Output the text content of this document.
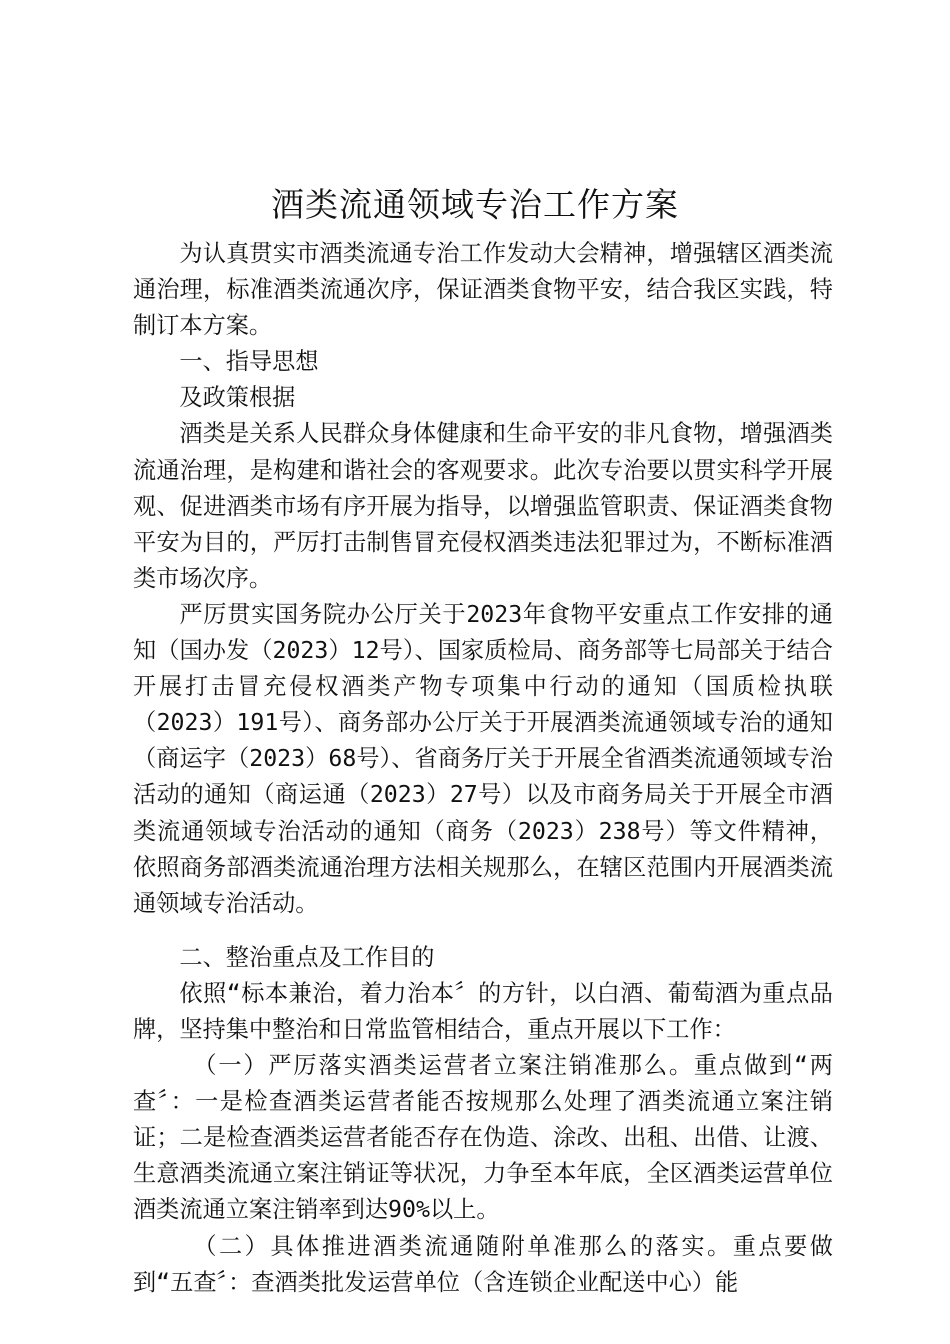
酒类流通领域专治工作方案

为认真贯实市酒类流通专治工作发动大会精神，增强辖区酒类流通治理，标准酒类流通次序，保证酒类食物平安，结合我区实践，特制订本方案。

一、指导思想

及政策根据

酒类是关系人民群众身体健康和生命平安的非凡食物，增强酒类流通治理，是构建和谐社会的客观要求。此次专治要以贯实科学开展观、促进酒类市场有序开展为指导，以增强监管职责、保证酒类食物平安为目的，严厉打击制售冒充侵权酒类违法犯罪过为，不断标准酒类市场次序。

严厉贯实国务院办公厅关于2023年食物平安重点工作安排的通知（国办发（2023）12号）、国家质检局、商务部等七局部关于结合开展打击冒充侵权酒类产物专项集中行动的通知（国质检执联（2023）191号）、商务部办公厅关于开展酒类流通领域专治的通知（商运字（2023）68号）、省商务厅关于开展全省酒类流通领域专治活动的通知（商运通（2023）27号）以及市商务局关于开展全市酒类流通领域专治活动的通知（商务（2023）238号）等文件精神，依照商务部酒类流通治理方法相关规那么，在辖区范围内开展酒类流通领域专治活动。

二、整治重点及工作目的

依照“标本兼治，着力治本〞的方针，以白酒、葡萄酒为重点品牌，坚持集中整治和日常监管相结合，重点开展以下工作：

（一）严厉落实酒类运营者立案注销准那么。重点做到“两查〞：一是检查酒类运营者能否按规那么处理了酒类流通立案注销证；二是检查酒类运营者能否存在伪造、涂改、出租、出借、让渡、生意酒类流通立案注销证等状况，力争至本年底，全区酒类运营单位酒类流通立案注销率到达90%以上。

（二）具体推进酒类流通随附单准那么的落实。重点要做到“五查〞：查酒类批发运营单位（含连锁企业配送中心）能
